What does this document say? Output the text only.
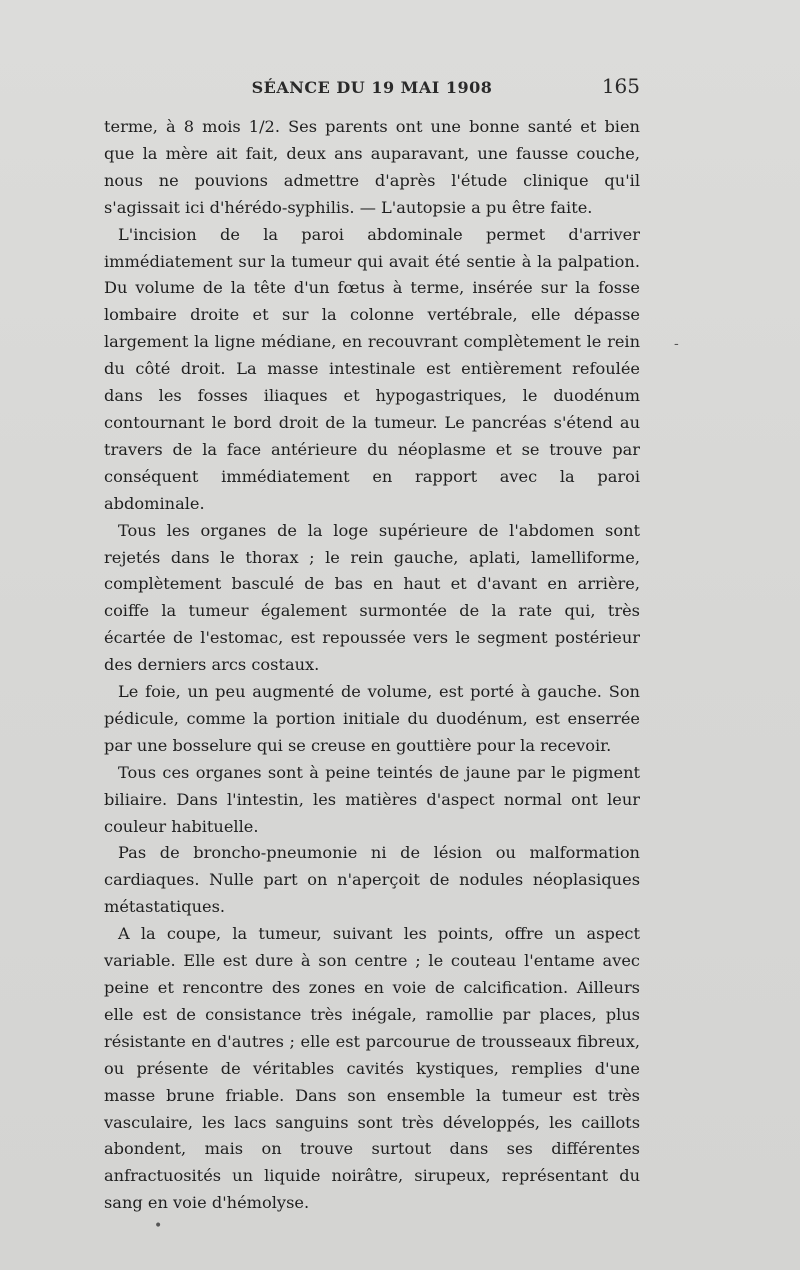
SÉANCE DU 19 MAI 1908	165

terme, à 8 mois 1/2. Ses parents ont une bonne santé et bien que la mère ait fait, deux ans auparavant, une fausse couche, nous ne pouvions admettre d'après l'étude clinique qu'il s'agissait ici d'hérédo-syphilis. — L'autopsie a pu être faite.

L'incision de la paroi abdominale permet d'arriver immédiatement sur la tumeur qui avait été sentie à la palpation. Du volume de la tête d'un fœtus à terme, insérée sur la fosse lombaire droite et sur la colonne vertébrale, elle dépasse largement la ligne médiane, en recouvrant complètement le rein du côté droit. La masse intestinale est entièrement refoulée dans les fosses iliaques et hypogastriques, le duodénum contournant le bord droit de la tumeur. Le pancréas s'étend au travers de la face antérieure du néoplasme et se trouve par conséquent immédiatement en rapport avec la paroi abdominale.

Tous les organes de la loge supérieure de l'abdomen sont rejetés dans le thorax ; le rein gauche, aplati, lamelliforme, complètement basculé de bas en haut et d'avant en arrière, coiffe la tumeur également surmontée de la rate qui, très écartée de l'estomac, est repoussée vers le segment postérieur des derniers arcs costaux.

Le foie, un peu augmenté de volume, est porté à gauche. Son pédicule, comme la portion initiale du duodénum, est enserrée par une bosselure qui se creuse en gouttière pour la recevoir.

Tous ces organes sont à peine teintés de jaune par le pigment biliaire. Dans l'intestin, les matières d'aspect normal ont leur couleur habituelle.

Pas de broncho-pneumonie ni de lésion ou malformation cardiaques. Nulle part on n'aperçoit de nodules néoplasiques métastatiques.

A la coupe, la tumeur, suivant les points, offre un aspect variable. Elle est dure à son centre ; le couteau l'entame avec peine et rencontre des zones en voie de calcification. Ailleurs elle est de consistance très inégale, ramollie par places, plus résistante en d'autres ; elle est parcourue de trousseaux fibreux, ou présente de véritables cavités kystiques, remplies d'une masse brune friable. Dans son ensemble la tumeur est très vasculaire, les lacs sanguins sont très développés, les caillots abondent, mais on trouve surtout dans ses différentes anfractuosités un liquide noirâtre, sirupeux, représentant du sang en voie d'hémolyse.

-
•
